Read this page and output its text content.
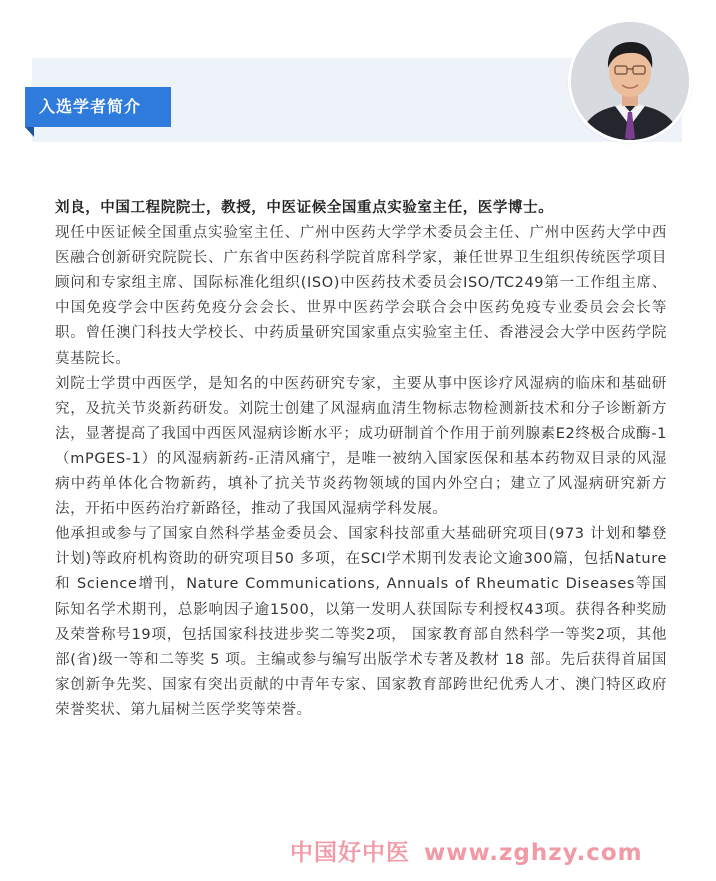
入选学者简介

刘良，中国工程院院士，教授，中医证候全国重点实验室主任，医学博士。

现任中医证候全国重点实验室主任、广州中医药大学学术委员会主任、广州中医药大学中西医融合创新研究院院长、广东省中医药科学院首席科学家，兼任世界卫生组织传统医学项目顾问和专家组主席、国际标准化组织(ISO)中医药技术委员会ISO/TC249第一工作组主席、中国免疫学会中医药免疫分会会长、世界中医药学会联合会中医药免疫专业委员会会长等职。曾任澳门科技大学校长、中药质量研究国家重点实验室主任、香港浸会大学中医药学院莫基院长。

刘院士学贯中西医学，是知名的中医药研究专家，主要从事中医诊疗风湿病的临床和基础研究，及抗关节炎新药研发。刘院士创建了风湿病血清生物标志物检测新技术和分子诊断新方法，显著提高了我国中西医风湿病诊断水平；成功研制首个作用于前列腺素E2终极合成酶-1（mPGES-1）的风湿病新药-正清风痛宁，是唯一被纳入国家医保和基本药物双目录的风湿病中药单体化合物新药，填补了抗关节炎药物领域的国内外空白；建立了风湿病研究新方法，开拓中医药治疗新路径，推动了我国风湿病学科发展。

他承担或参与了国家自然科学基金委员会、国家科技部重大基础研究项目(973 计划和攀登计划)等政府机构资助的研究项目50 多项，在SCI学术期刊发表论文逾300篇，包括Nature 和 Science增刊，Nature Communications, Annuals of Rheumatic Diseases等国际知名学术期刊，总影响因子逾1500，以第一发明人获国际专利授权43项。获得各种奖励及荣誉称号19项，包括国家科技进步奖二等奖2项， 国家教育部自然科学一等奖2项，其他部(省)级一等和二等奖 5 项。主编或参与编写出版学术专著及教材 18 部。先后获得首届国家创新争先奖、国家有突出贡献的中青年专家、国家教育部跨世纪优秀人才、澳门特区政府荣誉奖状、第九届树兰医学奖等荣誉。

中国好中医 www.zghzy.com
